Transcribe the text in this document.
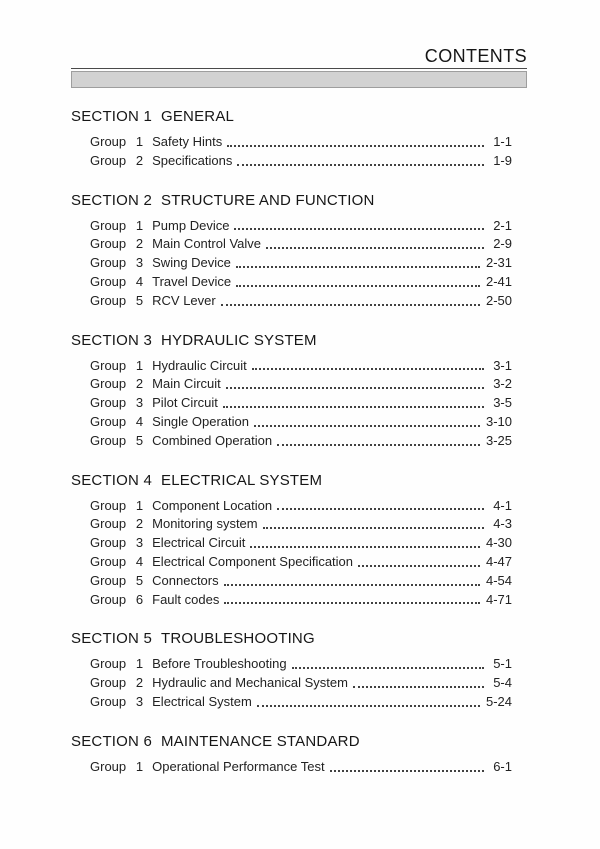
CONTENTS
SECTION 1 GENERAL
Group 1 Safety Hints	1-1
Group 2 Specifications	1-9
SECTION 2 STRUCTURE AND FUNCTION
Group 1 Pump Device	2-1
Group 2 Main Control Valve	2-9
Group 3 Swing Device	2-31
Group 4 Travel Device	2-41
Group 5 RCV Lever	2-50
SECTION 3 HYDRAULIC SYSTEM
Group 1 Hydraulic Circuit	3-1
Group 2 Main Circuit	3-2
Group 3 Pilot Circuit	3-5
Group 4 Single Operation	3-10
Group 5 Combined Operation	3-25
SECTION 4 ELECTRICAL SYSTEM
Group 1 Component Location	4-1
Group 2 Monitoring system	4-3
Group 3 Electrical Circuit	4-30
Group 4 Electrical Component Specification	4-47
Group 5 Connectors	4-54
Group 6 Fault codes	4-71
SECTION 5 TROUBLESHOOTING
Group 1 Before Troubleshooting	5-1
Group 2 Hydraulic and Mechanical System	5-4
Group 3 Electrical System	5-24
SECTION 6 MAINTENANCE STANDARD
Group 1 Operational Performance Test	6-1
